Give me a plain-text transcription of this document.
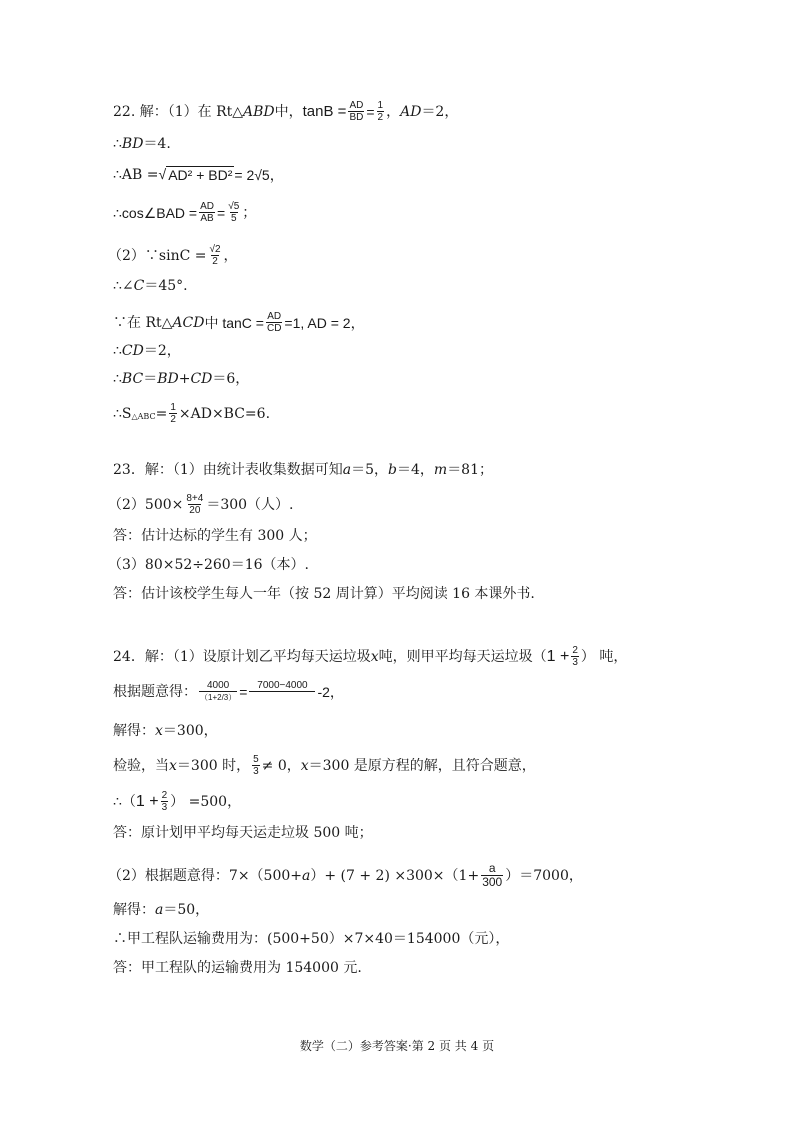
22. 解：（1）在 Rt△ ABD 中， $\tan B = \frac{AD}{BD} = \frac{1}{2}$ ， AD ＝2，
∴ BD ＝4.
∴AB = √ AD² + BD² = 2√5，
∴cos∠BAD = $\frac{AD}{AB} = \frac{√5}{5}$ ；
（2）∵sinC = $\frac{√2}{2}$ ，
∴∠ C ＝45°.
∵在 Rt△ ACD 中 $\tan C = \frac{AD}{CD} =1$, AD = 2，
∴ CD ＝2，
∴ BC ＝ BD + CD ＝6，
∴S △ABC = $\frac{1}{2} \times AD\times BC=6$.
23．解：（1）由统计表收集数据可知 a ＝5， b ＝4， m ＝81；
$(2)500\times \frac{8+4}{20} =300$（人）.
答：估计达标的学生有 300 人；
（3）80×52÷260＝16（本）.
答：估计该校学生每人一年（按 52 周计算）平均阅读 16 本课外书.
24．解：（1）设原计划乙平均每天运垃圾 x 吨，则甲平均每天运垃圾（ $1 + \frac{2}{3}$ ） 吨，
根据题意得： $\frac{4000}{(1+2/3)} = 7000-4000$
-2，
解得： x ＝300，
检验，当 x ＝300 时， $\frac{5}{3} \ne 0$， x ＝300 是原方程的解，且符合题意，
∴（ $1 + \frac{2}{3}$ ） =500，
答：原计划甲平均每天运走垃圾 500 吨；
（2）根据题意得：7×（500+ a ）+ $(7 + 2) \times 300\times(1+ \frac{a}{300} )=7000$，
解得： a ＝50，
∴甲工程队运输费用为：(500+50）×7×40＝154000（元），
答：甲工程队的运输费用为 154000 元.
数学（二）参考答案·第 2 页 共 4 页
